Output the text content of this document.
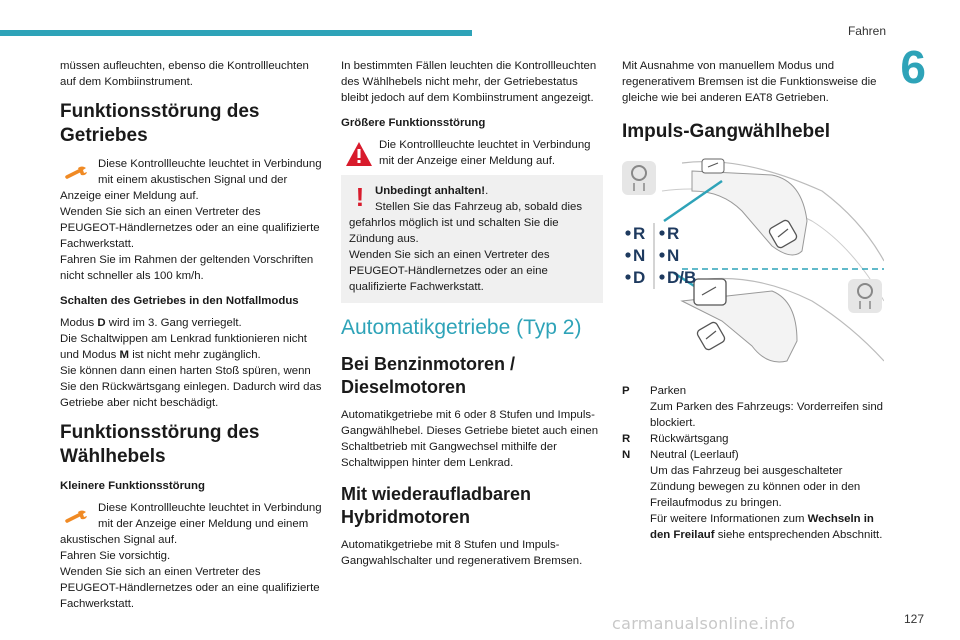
Fahren
6
127
carmanualsonline.info

müssen aufleuchten, ebenso die Kontrollleuchten auf dem Kombiinstrument.

Funktionsstörung des Getriebes
Diese Kontrollleuchte leuchtet in Verbindung mit einem akustischen Signal und der Anzeige einer Meldung auf.

Wenden Sie sich an einen Vertreter des PEUGEOT-Händlernetzes oder an eine qualifizierte Fachwerkstatt.

Fahren Sie im Rahmen der geltenden Vorschriften nicht schneller als 100 km/h.

Schalten des Getriebes in den Notfallmodus

Modus D wird im 3. Gang verriegelt.

Die Schaltwippen am Lenkrad funktionieren nicht und Modus M ist nicht mehr zugänglich.

Sie können dann einen harten Stoß spüren, wenn Sie den Rückwärtsgang einlegen. Dadurch wird das Getriebe aber nicht beschädigt.

Funktionsstörung des Wählhebels
Kleinere Funktionsstörung
Diese Kontrollleuchte leuchtet in Verbindung mit der Anzeige einer Meldung und einem akustischen Signal auf.

Fahren Sie vorsichtig.

Wenden Sie sich an einen Vertreter des PEUGEOT-Händlernetzes oder an eine qualifizierte Fachwerkstatt.

In bestimmten Fällen leuchten die Kontrollleuchten des Wählhebels nicht mehr, der Getriebestatus bleibt jedoch auf dem Kombiinstrument angezeigt.

Größere Funktionsstörung
Die Kontrollleuchte leuchtet in Verbindung mit der Anzeige einer Meldung auf.
! Unbedingt anhalten!.
Stellen Sie das Fahrzeug ab, sobald dies gefahrlos möglich ist und schalten Sie die Zündung aus.
Wenden Sie sich an einen Vertreter des PEUGEOT-Händlernetzes oder an eine qualifizierte Fachwerkstatt.
Automatikgetriebe (Typ 2)
Bei Benzinmotoren / Dieselmotoren

Automatikgetriebe mit 6 oder 8 Stufen und Impuls-Gangwählhebel. Dieses Getriebe bietet auch einen Schaltbetrieb mit Gangwechsel mithilfe der Schaltwippen hinter dem Lenkrad.

Mit wiederaufladbaren Hybridmotoren

Automatikgetriebe mit 8 Stufen und Impuls-Gangwahlschalter und regenerativem Bremsen.

Mit Ausnahme von manuellem Modus und regenerativem Bremsen ist die Funktionsweise die gleiche wie bei anderen EAT8 Getrieben.

Impuls-Gangwählhebel
R
N
D
R
N
D/B
P	Parken
Zum Parken des Fahrzeugs: Vorderreifen sind blockiert.
R	Rückwärtsgang
N	Neutral (Leerlauf)
Um das Fahrzeug bei ausgeschalteter Zündung bewegen zu können oder in den Freilaufmodus zu bringen.
Für weitere Informationen zum Wechseln in den Freilauf siehe entsprechenden Abschnitt.
